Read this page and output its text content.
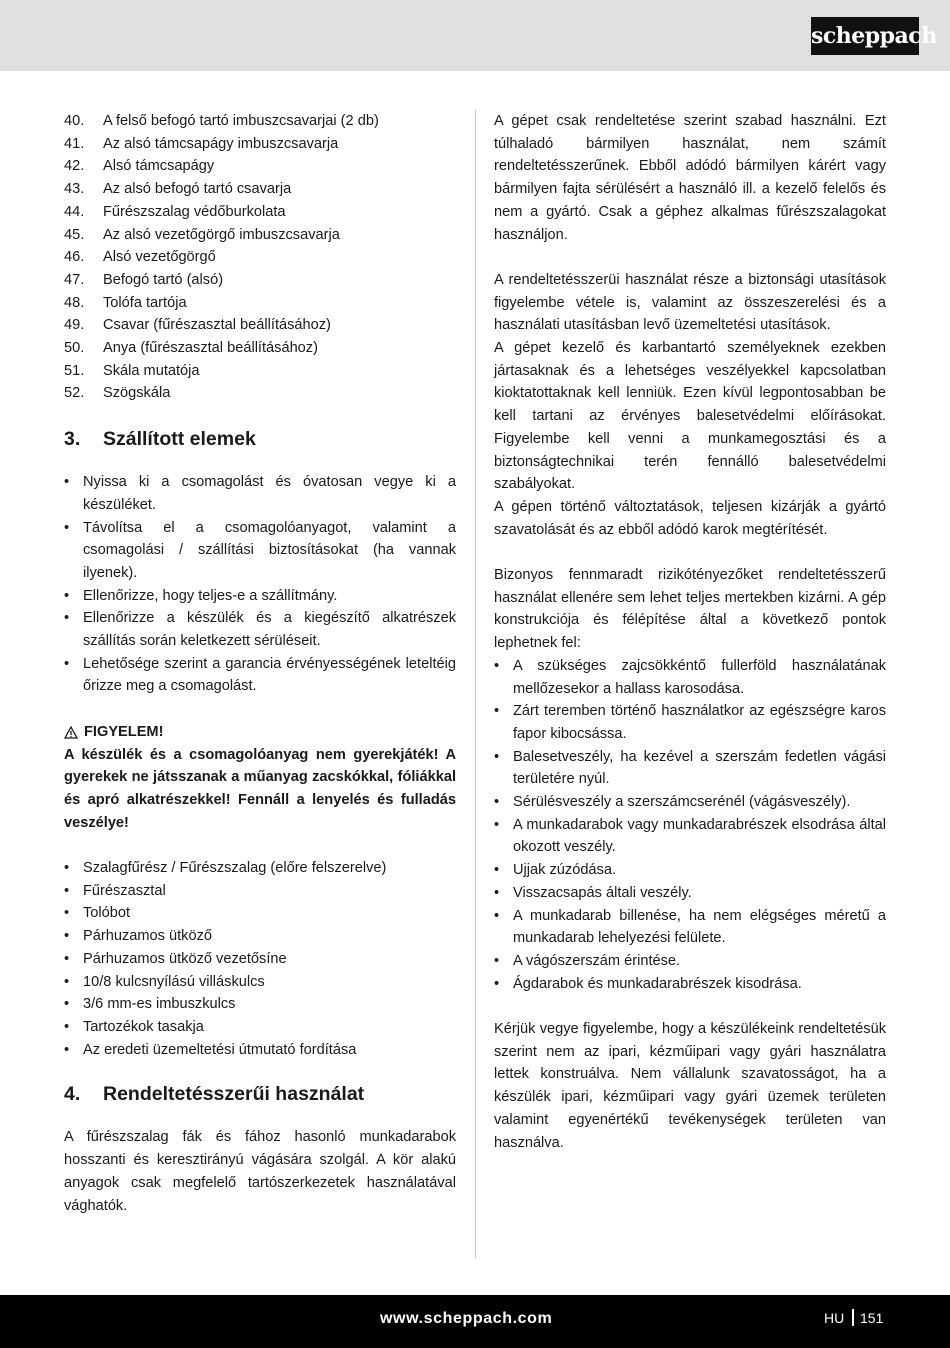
scheppach
40.	A felső befogó tartó imbuszcsavarjai (2 db)
41.	Az alsó támcsapágy imbuszcsavarja
42.	Alsó támcsapágy
43.	Az alsó befogó tartó csavarja
44.	Fűrészszalag védőburkolata
45.	Az alsó vezetőgörgő imbuszcsavarja
46.	Alsó vezetőgörgő
47.	Befogó tartó (alsó)
48.	Tolófa tartója
49.	Csavar (fűrészasztal beállításához)
50.	Anya (fűrészasztal beállításához)
51.	Skála mutatója
52.	Szögskála
3.	Szállított elemek
• Nyissa ki a csomagolást és óvatosan vegye ki a készüléket.
• Távolítsa el a csomagolóanyagot, valamint a csomagolási / szállítási biztosításokat (ha vannak ilyenek).
• Ellenőrizze, hogy teljes-e a szállítmány.
• Ellenőrizze a készülék és a kiegészítő alkatrészek szállítás során keletkezett sérüléseit.
• Lehetősége szerint a garancia érvényességének leteltéig őrizze meg a csomagolást.
FIGYELEM!
A készülék és a csomagolóanyag nem gyerekjáték! A gyerekek ne játsszanak a műanyag zacskókkal, fóliákkal és apró alkatrészekkel! Fennáll a lenyelés és fulladás veszélye!
• Szalagfűrész / Fűrészszalag (előre felszerelve)
• Fűrészasztal
• Tolóbot
• Párhuzamos ütköző
• Párhuzamos ütköző vezetősíne
• 10/8 kulcsnyílású villáskulcs
• 3/6 mm-es imbuszkulcs
• Tartozékok tasakja
• Az eredeti üzemeltetési útmutató fordítása
4.	Rendeltetésszerűi használat

A fűrészszalag fák és fához hasonló munkadarabok hosszanti és keresztirányú vágására szolgál. A kör alakú anyagok csak megfelelő tartószerkezetek használatával vághatók.

A gépet csak rendeltetése szerint szabad használni. Ezt túlhaladó bármilyen használat, nem számít rendeltetésszerűnek. Ebből adódó bármilyen kárért vagy bármilyen fajta sérülésért a használó ill. a kezelő felelős és nem a gyártó. Csak a géphez alkalmas fűrészszalagokat használjon.

A rendeltetésszerüi használat része a biztonsági utasítások figyelembe vétele is, valamint az összeszerelési és a használati utasításban levő üzemeltetési utasítások.

A gépet kezelő és karbantartó személyeknek ezekben jártasaknak és a lehetséges veszélyekkel kapcsolatban kioktatottaknak kell lenniük. Ezen kívül legpontosabban be kell tartani az érvényes balesetvédelmi előírásokat. Figyelembe kell venni a munkamegosztási és a biztonságtechnikai terén fennálló balesetvédelmi szabályokat.

A gépen történő változtatások, teljesen kizárják a gyártó szavatolását és az ebből adódó karok megtérítését.

Bizonyos fennmaradt rizikótényezőket rendeltetésszerű használat ellenére sem lehet teljes mertekben kizárni. A gép konstrukciója és félépítése által a következő pontok lephetnek fel:

• A szükséges zajcsökkéntő fullerföld használatának mellőzesekor a hallass karosodása.
• Zárt teremben történő használatkor az egészségre karos fapor kibocsássa.
• Balesetveszély, ha kezével a szerszám fedetlen vágási területére nyúl.
• Sérülésveszély a szerszámcserénél (vágásveszély).
• A munkadarabok vagy munkadarabrészek elsodrása által okozott veszély.
• Ujjak zúzódása.
• Visszacsapás általi veszély.
• A munkadarab billenése, ha nem elégséges méretű a munkadarab lehelyezési felülete.
• A vágószerszám érintése.
• Ágdarabok és munkadarabrészek kisodrása.

Kérjük vegye figyelembe, hogy a készülékeink rendeltetésük szerint nem az ipari, kézműipari vagy gyári használatra lettek konstruálva. Nem vállalunk szavatosságot, ha a készülék ipari, kézműipari vagy gyári üzemek területen valamint egyenértékű tevékenységek területen van használva.

www.scheppach.com	HU 151
